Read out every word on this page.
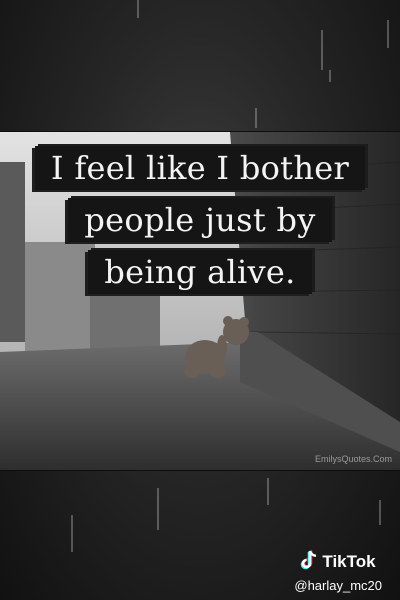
I feel like I bother
people just by
being alive.
EmilysQuotes.Com
TikTok
@harlay_mc20
